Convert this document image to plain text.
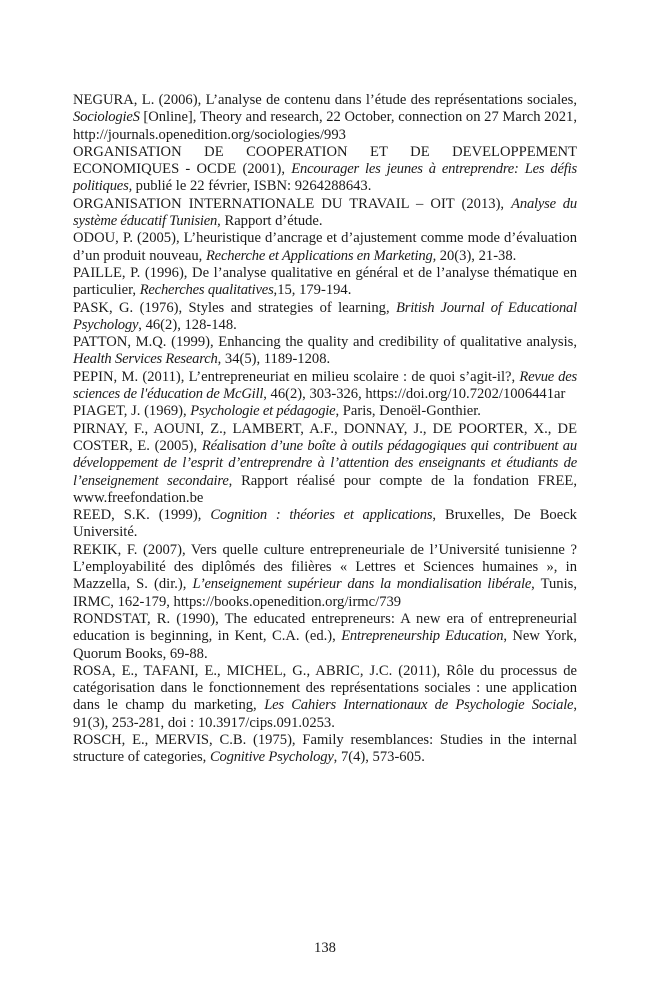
NEGURA, L. (2006), L’analyse de contenu dans l’étude des représentations sociales, SociologieS [Online], Theory and research, 22 October, connection on 27 March 2021, http://journals.openedition.org/sociologies/993

ORGANISATION DE COOPERATION ET DE DEVELOPPEMENT ECONOMIQUES - OCDE (2001), Encourager les jeunes à entreprendre: Les défis politiques, publié le 22 février, ISBN: 9264288643.

ORGANISATION INTERNATIONALE DU TRAVAIL – OIT (2013), Analyse du système éducatif Tunisien, Rapport d’étude.

ODOU, P. (2005), L’heuristique d’ancrage et d’ajustement comme mode d’évaluation d’un produit nouveau, Recherche et Applications en Marketing, 20(3), 21-38.

PAILLE, P. (1996), De l’analyse qualitative en général et de l’analyse thématique en particulier, Recherches qualitatives,15, 179-194.

PASK, G. (1976), Styles and strategies of learning, British Journal of Educational Psychology, 46(2), 128-148.

PATTON, M.Q. (1999), Enhancing the quality and credibility of qualitative analysis, Health Services Research, 34(5), 1189-1208.

PEPIN, M. (2011), L’entrepreneuriat en milieu scolaire : de quoi s’agit-il?, Revue des sciences de l'éducation de McGill, 46(2), 303-326, https://doi.org/10.7202/1006441ar

PIAGET, J. (1969), Psychologie et pédagogie, Paris, Denoël-Gonthier.

PIRNAY, F., AOUNI, Z., LAMBERT, A.F., DONNAY, J., DE POORTER, X., DE COSTER, E. (2005), Réalisation d’une boîte à outils pédagogiques qui contribuent au développement de l’esprit d’entreprendre à l’attention des enseignants et étudiants de l’enseignement secondaire, Rapport réalisé pour compte de la fondation FREE, www.freefondation.be

REED, S.K. (1999), Cognition : théories et applications, Bruxelles, De Boeck Université.

REKIK, F. (2007), Vers quelle culture entrepreneuriale de l’Université tunisienne ? L’employabilité des diplômés des filières « Lettres et Sciences humaines », in Mazzella, S. (dir.), L’enseignement supérieur dans la mondialisation libérale, Tunis, IRMC, 162-179, https://books.openedition.org/irmc/739

RONDSTAT, R. (1990), The educated entrepreneurs: A new era of entrepreneurial education is beginning, in Kent, C.A. (ed.), Entrepreneurship Education, New York, Quorum Books, 69-88.

ROSA, E., TAFANI, E., MICHEL, G., ABRIC, J.C. (2011), Rôle du processus de catégorisation dans le fonctionnement des représentations sociales : une application dans le champ du marketing, Les Cahiers Internationaux de Psychologie Sociale, 91(3), 253-281, doi : 10.3917/cips.091.0253.

ROSCH, E., MERVIS, C.B. (1975), Family resemblances: Studies in the internal structure of categories, Cognitive Psychology, 7(4), 573-605.

138
